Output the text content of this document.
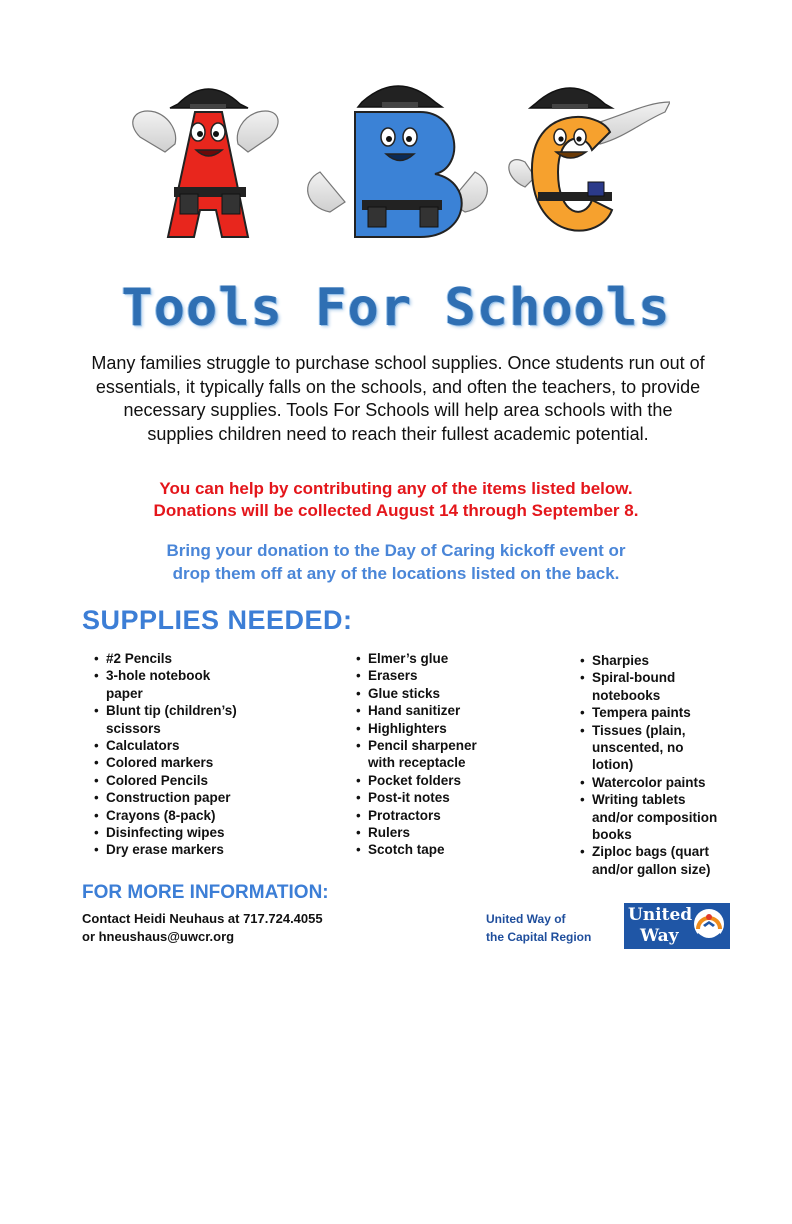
Tools For Schools
Many families struggle to purchase school supplies. Once students run out of essentials, it typically falls on the schools, and often the teachers, to provide necessary supplies. Tools For Schools will help area schools with the supplies children need to reach their fullest academic potential.
You can help by contributing any of the items listed below.
Donations will be collected August 14 through September 8.
Bring your donation to the Day of Caring kickoff event or
drop them off at any of the locations listed on the back.
SUPPLIES NEEDED:
• #2 Pencils
• 3-hole notebook
paper
• Blunt tip (children’s)
scissors
• Calculators
• Colored markers
• Colored Pencils
• Construction paper
• Crayons (8-pack)
• Disinfecting wipes
• Dry erase markers
• Elmer’s glue
• Erasers
• Glue sticks
• Hand sanitizer
• Highlighters
• Pencil sharpener
with receptacle
• Pocket folders
• Post-it notes
• Protractors
• Rulers
• Scotch tape
• Sharpies
• Spiral-bound
notebooks
• Tempera paints
• Tissues (plain,
unscented, no
lotion)
• Watercolor paints
• Writing tablets
and/or composition
books
• Ziploc bags (quart
and/or gallon size)
FOR MORE INFORMATION:
Contact Heidi Neuhaus at 717.724.4055
or hneushaus@uwcr.org
United Way of
the Capital Region
United
Way
